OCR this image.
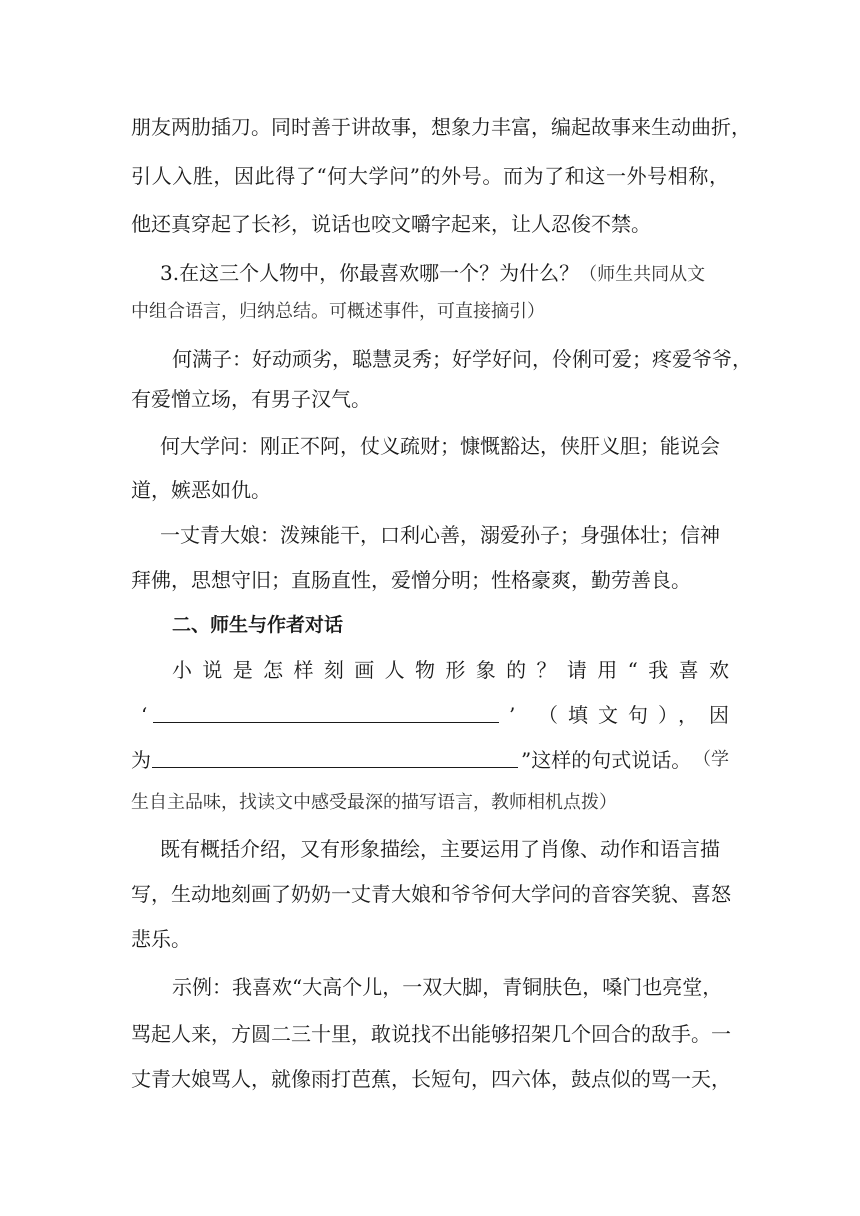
朋友两肋插刀。同时善于讲故事，想象力丰富，编起故事来生动曲折，
引人入胜，因此得了“何大学问”的外号。而为了和这一外号相称，
他还真穿起了长衫，说话也咬文嚼字起来，让人忍俊不禁。
3.在这三个人物中，你最喜欢哪一个？为什么？（师生共同从文
中组合语言，归纳总结。可概述事件，可直接摘引）
何满子：好动顽劣，聪慧灵秀；好学好问，伶俐可爱；疼爱爷爷，
有爱憎立场，有男子汉气。
何大学问：刚正不阿，仗义疏财；慷慨豁达，侠肝义胆；能说会
道，嫉恶如仇。
一丈青大娘：泼辣能干，口利心善，溺爱孙子；身强体壮；信神
拜佛，思想守旧；直肠直性，爱憎分明；性格豪爽，勤劳善良。
二、师生与作者对话
小说是怎样刻画人物形象的？请用“我喜欢
‘	’ （填文句）， 因
为	”这样的句式说话。 （学
生自主品味，找读文中感受最深的描写语言，教师相机点拨）
既有概括介绍，又有形象描绘，主要运用了肖像、动作和语言描
写，生动地刻画了奶奶一丈青大娘和爷爷何大学问的音容笑貌、喜怒
悲乐。
示例：我喜欢“大高个儿，一双大脚，青铜肤色，嗓门也亮堂，
骂起人来，方圆二三十里，敢说找不出能够招架几个回合的敌手。一
丈青大娘骂人，就像雨打芭蕉，长短句，四六体，鼓点似的骂一天，
